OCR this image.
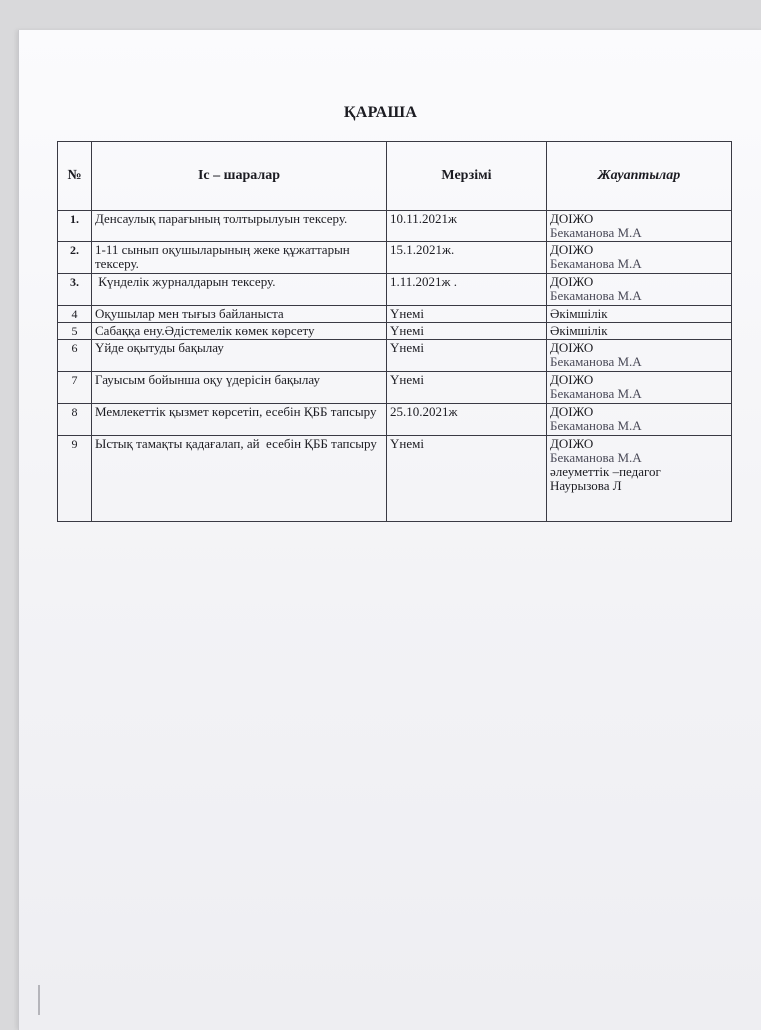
ҚАРАША
№	Іс – шаралар	Мерзімі	Жауаптылар
1.	Денсаулық парағының толтырылуын тексеру.	10.11.2021ж	ДОІЖО
Бекаманова М.А

2.	1-11 сынып оқушыларының жеке құжаттарын тексеру.	15.1.2021ж.	ДОІЖО
Бекаманова М.А

3.	Күнделік журналдарын тексеру.	1.11.2021ж .	ДОІЖО
Бекаманова М.А

4	Оқушылар мен тығыз байланыста	Үнемі	Әкімшілік

5	Сабаққа ену.Әдістемелік көмек көрсету	Үнемі	Әкімшілік

6	Үйде оқытуды бақылау	Үнемі	ДОІЖО
Бекаманова М.А

7	Гауысым бойынша оқу үдерісін бақылау	Үнемі	ДОІЖО
Бекаманова М.А

8	Мемлекеттік қызмет көрсетіп, есебін ҚББ тапсыру	25.10.2021ж	ДОІЖО
Бекаманова М.А

9	Ыстық тамақты қадағалап, ай  есебін ҚББ тапсыру	Үнемі	ДОІЖО
Бекаманова М.А
әлеуметтік –педагог
Наурызова Л
